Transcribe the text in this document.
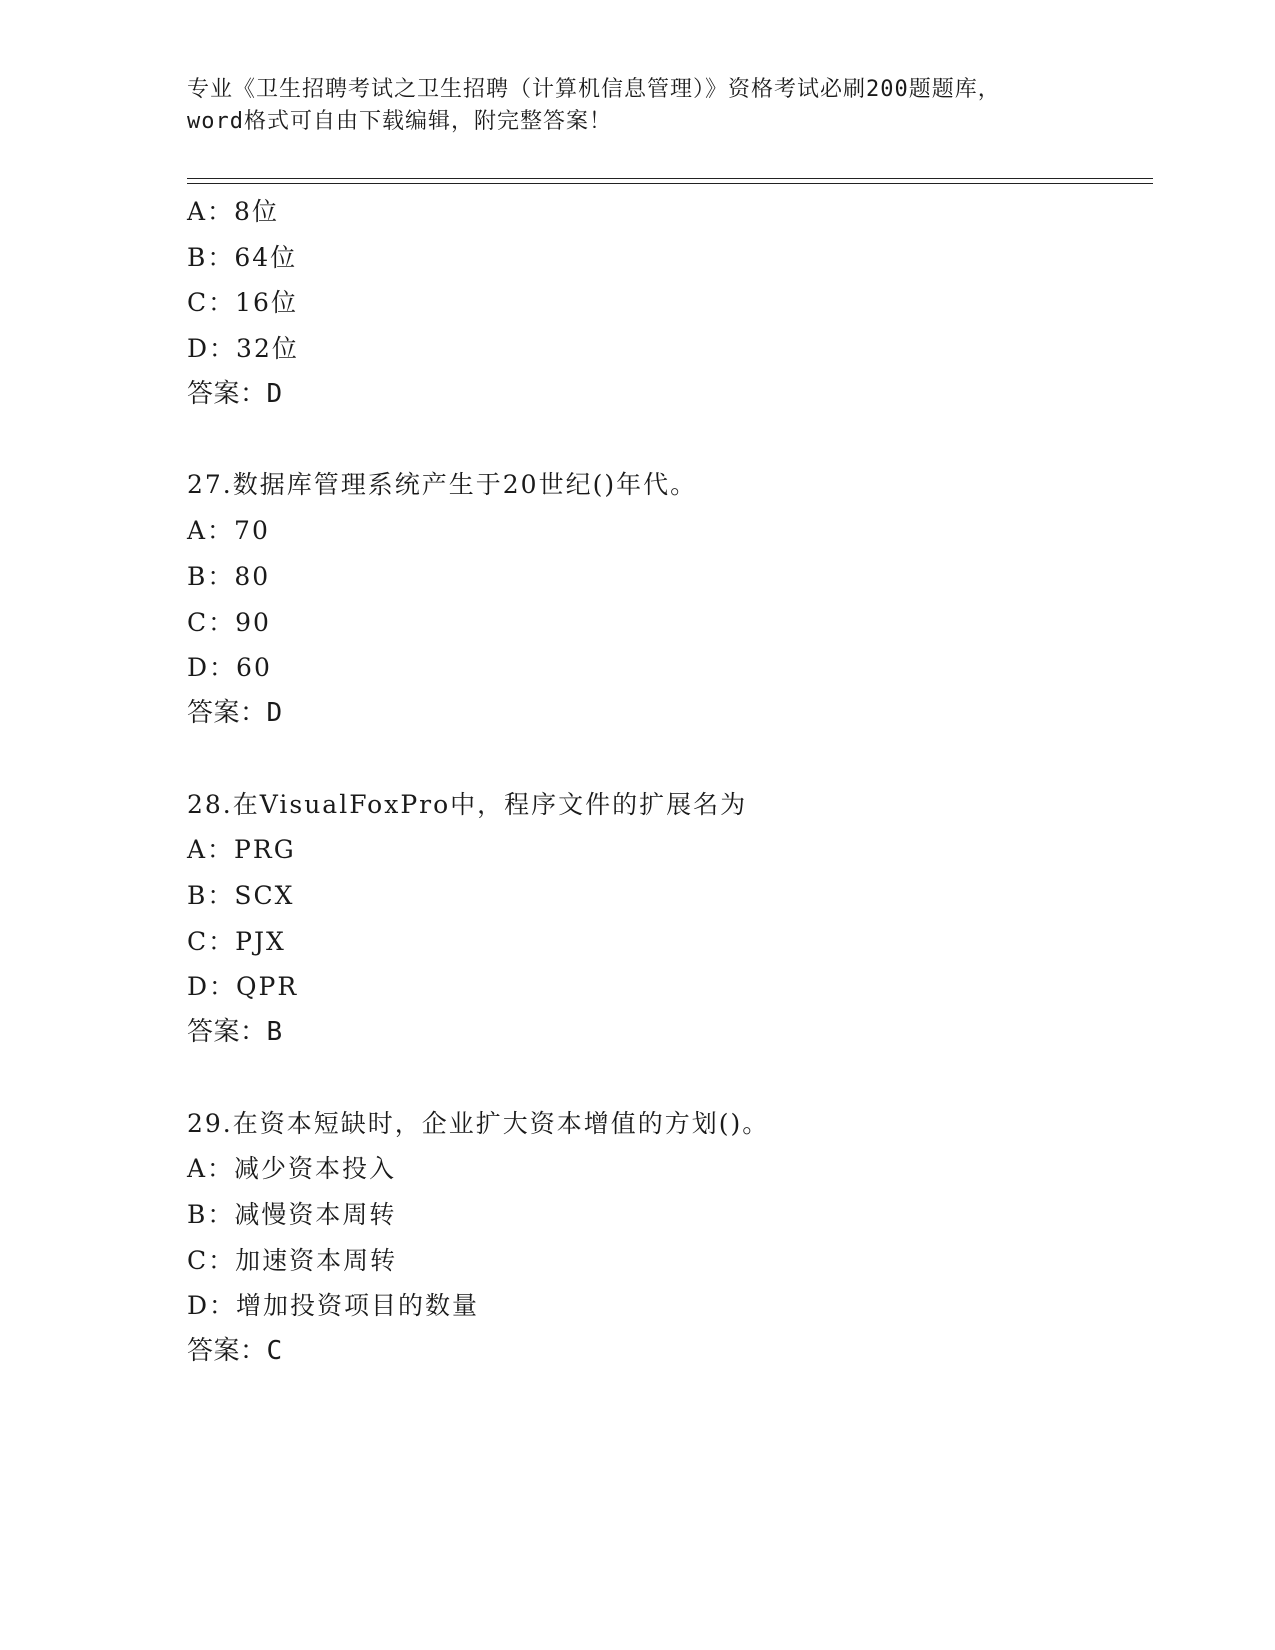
专业《卫生招聘考试之卫生招聘（计算机信息管理）》资格考试必刷200题题库，
word格式可自由下载编辑，附完整答案！
A：8位
B：64位
C：16位
D：32位
答案：D
27.数据库管理系统产生于20世纪()年代。
A：70
B：80
C：90
D：60
答案：D
28.在VisualFoxPro中，程序文件的扩展名为
A：PRG
B：SCX
C：PJX
D：QPR
答案：B
29.在资本短缺时，企业扩大资本增值的方划()。
A：减少资本投入
B：减慢资本周转
C：加速资本周转
D：增加投资项目的数量
答案：C
